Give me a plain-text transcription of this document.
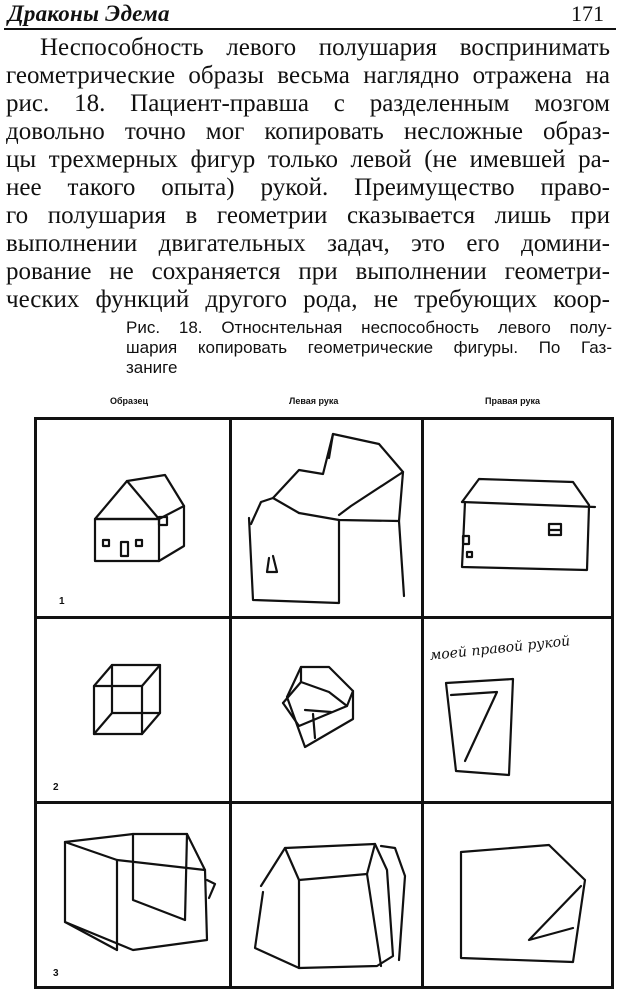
Драконы Эдема	171
Неспособность левого полушария воспринимать
геометрические образы весьма наглядно отражена на
рис. 18. Пациент-правша с разделенным мозгом
довольно точно мог копировать несложные образ-
цы трехмерных фигур только левой (не имевшей ра-
нее такого опыта) рукой. Преимущество право-
го полушария в геометрии сказывается лишь при
выполнении двигательных задач, это его домини-
рование не сохраняется при выполнении геометри-
ческих функций другого рода, не требующих коор-
Рис. 18. Относнтельная неспособность левого полу-
шария копировать геометрические фигуры. По Газ-
заниге
Образец	Левая рука	Правая рука
1
2
3
моей правой рукой
